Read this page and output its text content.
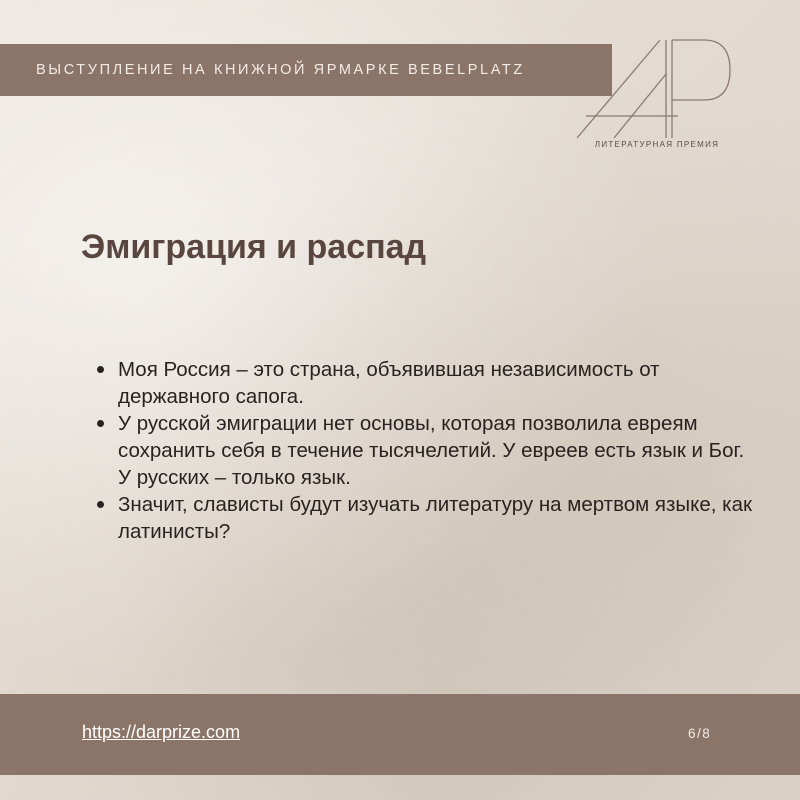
ВЫСТУПЛЕНИЕ НА КНИЖНОЙ ЯРМАРКЕ BEBELPLATZ
ЛИТЕРАТУРНАЯ ПРЕМИЯ
Эмиграция и распад
Моя Россия – это страна, объявившая независимость от державного сапога.
У русской эмиграции нет основы, которая позволила евреям сохранить себя в течение тысячелетий. У евреев есть язык и Бог. У русских – только язык.
Значит, слависты будут изучать литературу на мертвом языке, как латинисты?
https://darprize.com	6/8
